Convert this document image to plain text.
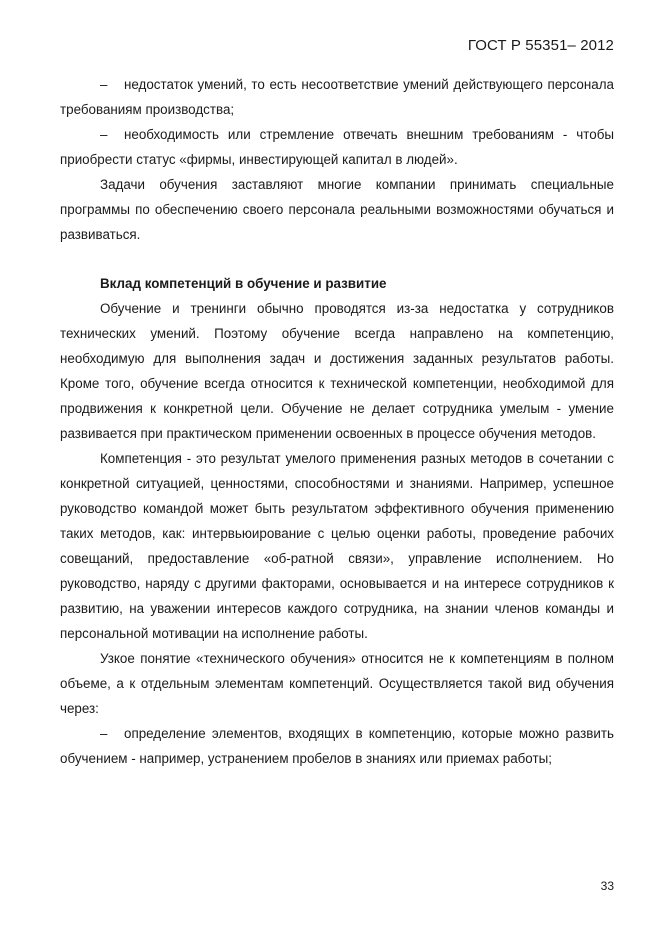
ГОСТ Р 55351– 2012

– недостаток умений, то есть несоответствие умений действующего персонала требованиям производства;

– необходимость или стремление отвечать внешним требованиям - чтобы приобрести статус «фирмы, инвестирующей капитал в людей».

Задачи обучения заставляют многие компании принимать специальные программы по обеспечению своего персонала реальными возможностями обучаться и развиваться.

Вклад компетенций в обучение и развитие

Обучение и тренинги обычно проводятся из-за недостатка у сотрудников технических умений. Поэтому обучение всегда направлено на компетенцию, необходимую для выполнения задач и достижения заданных результатов работы. Кроме того, обучение всегда относится к технической компетенции, необходимой для продвижения к конкретной цели. Обучение не делает сотрудника умелым - умение развивается при практическом применении освоенных в процессе обучения методов.

Компетенция - это результат умелого применения разных методов в сочетании с конкретной ситуацией, ценностями, способностями и знаниями. Например, успешное руководство командой может быть результатом эффективного обучения применению таких методов, как: интервьюирование с целью оценки работы, проведение рабочих совещаний, предоставление «об-ратной связи», управление исполнением. Но руководство, наряду с другими факторами, основывается и на интересе сотрудников к развитию, на уважении интересов каждого сотрудника, на знании членов команды и персональной мотивации на исполнение работы.

Узкое понятие «технического обучения» относится не к компетенциям в полном объеме, а к отдельным элементам компетенций. Осуществляется такой вид обучения через:

– определение элементов, входящих в компетенцию, которые можно развить обучением - например, устранением пробелов в знаниях или приемах работы;

33
